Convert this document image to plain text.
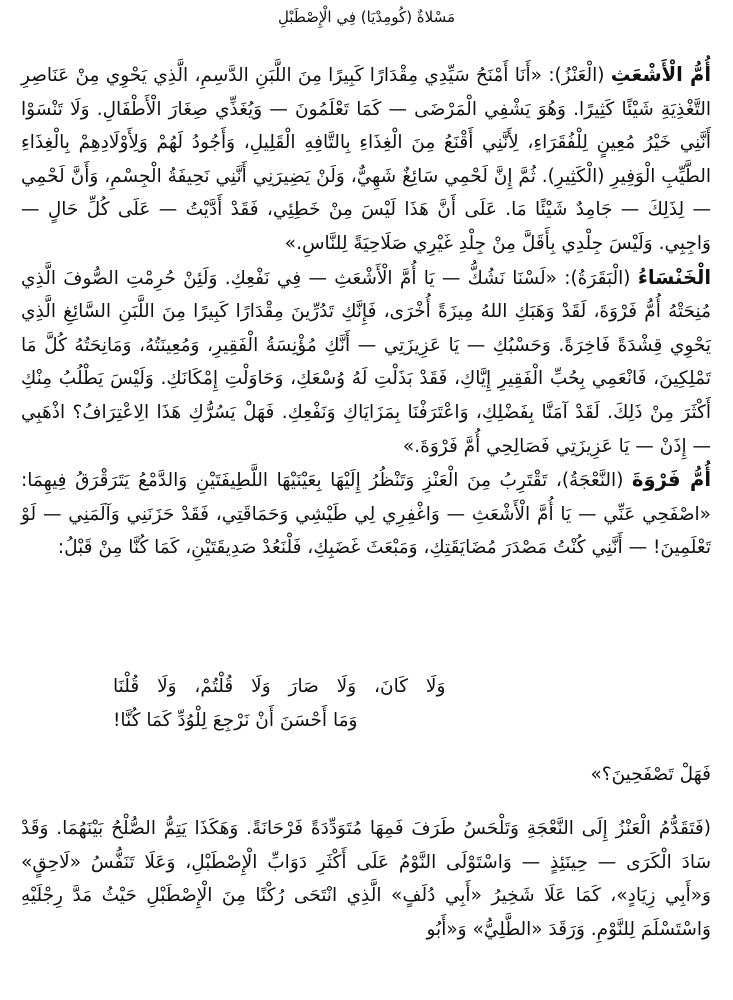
مَسْلاةٌ (كُومِدْيَا) فِي الْإِصْطَبْلِ

أُمُّ الْأَشْعَثِ (الْعَنْزُ): «أَنَا أَمْنَحُ سَيِّدِي مِقْدَارًا كَبِيرًا مِنَ اللَّبَنِ الدَّسِمِ، الَّذِي يَحْوِي مِنْ عَنَاصِرِ التَّغْذِيَةِ شَيْئًا كَثِيرًا. وَهُوَ يَشْفِي الْمَرْضَى — كَمَا تَعْلَمُونَ — وَيُغَذِّي صِغَارَ الْأَطْفَالِ. وَلَا تَنْسَوْا أَنَّنِي خَيْرُ مُعِينٍ لِلْفُقَرَاءِ، لِأَنَّنِي أَقْنَعُ مِنَ الْغِذَاءِ بِالتَّافِهِ الْقَلِيلِ، وَأَجُودُ لَهُمْ وَلِأَوْلَادِهِمْ بِالْغِذَاءِ الطَّيِّبِ الْوَفِيرِ (الْكَثِيرِ). ثُمَّ إِنَّ لَحْمِي سَائِغٌ شَهِيٌّ، وَلَنْ يَضِيرَنِي أَنَّنِي نَحِيفَةُ الْجِسْمِ، وَأَنَّ لَحْمِي — لِذَلِكَ — جَامِدٌ شَيْئًا مَا. عَلَى أَنَّ هَذَا لَيْسَ مِنْ خَطِئِي، فَقَدْ أَدَّيْتُ — عَلَى كُلِّ حَالٍ — وَاجِبِي. وَلَيْسَ جِلْدِي بِأَقَلَّ مِنْ جِلْدِ غَيْرِي صَلَاحِيَةً لِلنَّاسِ.»

الْخَنْسَاءُ (الْبَقَرَةُ): «لَسْنَا نَشُكُّ — يَا أُمَّ الْأَشْعَثِ — فِي نَفْعِكِ. وَلَئِنْ حُرِمْتِ الصُّوفَ الَّذِي مُنِحَتْهُ أُمُّ فَرْوَةَ، لَقَدْ وَهَبَكِ اللهُ مِيزَةً أُخْرَى، فَإِنَّكِ تَدُرِّينَ مِقْدَارًا كَبِيرًا مِنَ اللَّبَنِ السَّائِغِ الَّذِي يَحْوِي قِشْدَةً فَاخِرَةً. وَحَسْبُكِ — يَا عَزِيزَتِي — أَنَّكِ مُؤْنِسَةُ الْفَقِيرِ، وَمُعِينَتُهُ، وَمَانِحَتُهُ كُلَّ مَا تَمْلِكِينَ، فَانْعَمِي بِحُبِّ الْفَقِيرِ إِيَّاكِ، فَقَدْ بَذَلْتِ لَهُ وُسْعَكِ، وَحَاوَلْتِ إِمْكَانَكِ. وَلَيْسَ يَطْلُبُ مِنْكِ أَكْثَرَ مِنْ ذَلِكَ. لَقَدْ آمَنَّا بِفَضْلِكِ، وَاعْتَرَفْنَا بِمَزَايَاكِ وَنَفْعِكِ. فَهَلْ يَسُرُّكِ هَذَا الِاعْتِرَافُ؟ اذْهَبِي — إِذَنْ — يَا عَزِيزَتِي فَصَالِحِي أُمَّ فَرْوَةَ.»

أُمُّ فَرْوَةَ (النَّعْجَةُ)، تَقْتَرِبُ مِنَ الْعَنْزِ وَتَنْظُرُ إِلَيْهَا بِعَيْنَيْهَا اللَّطِيفَتَيْنِ وَالدَّمْعُ يَتَرَقْرَقُ فِيهِمَا: «اصْفَحِي عَنِّي — يَا أُمَّ الْأَشْعَثِ — وَاغْفِرِي لِي طَيْشِي وَحَمَاقَتِي، فَقَدْ حَزَنَنِي وَآلَمَنِي — لَوْ تَعْلَمِينَ! — أَنَّنِي كُنْتُ مَصْدَرَ مُضَايَقَتِكِ، وَمَبْعَثَ غَضَبِكِ، فَلْنَعُدْ صَدِيقَتَيْنِ، كَمَا كُنَّا مِنْ قَبْلُ:

وَلَا كَانَ، وَلَا صَارَ وَلَا قُلْتُمْ، وَلَا قُلْنَا
وَمَا أَحْسَنَ أَنْ نَرْجِعَ لِلْوُدِّ كَمَا كُنَّا!
فَهَلْ تَصْفَحِينَ؟»
(فَتَقَدُّمُ الْعَنْزُ إِلَى النَّعْجَةِ وَتَلْحَسُ طَرَفَ فَمِهَا مُتَوَدِّدَةً فَرْحَانَةً. وَهَكَذَا يَتِمُّ الصُّلْحُ بَيْنَهُمَا. وَقَدْ سَادَ الْكَرَى — حِينَئِذٍ — وَاسْتَوْلَى النَّوْمُ عَلَى أَكْثَرِ دَوَابِّ الْإِصْطَبْلِ، وَعَلَا تَنَفُّسُ «لَاحِقٍ» وَ«أَبِي زِيَادٍ»، كَمَا عَلَا شَخِيرُ «أَبِي دُلَفٍ» الَّذِي انْتَحَى رُكْنًا مِنَ الْإِصْطَبْلِ حَيْثُ مَدَّ رِجْلَيْهِ وَاسْتَسْلَمَ لِلنَّوْمِ. وَرَقَدَ «الطَّلِيُّ» وَ«أَبُو
